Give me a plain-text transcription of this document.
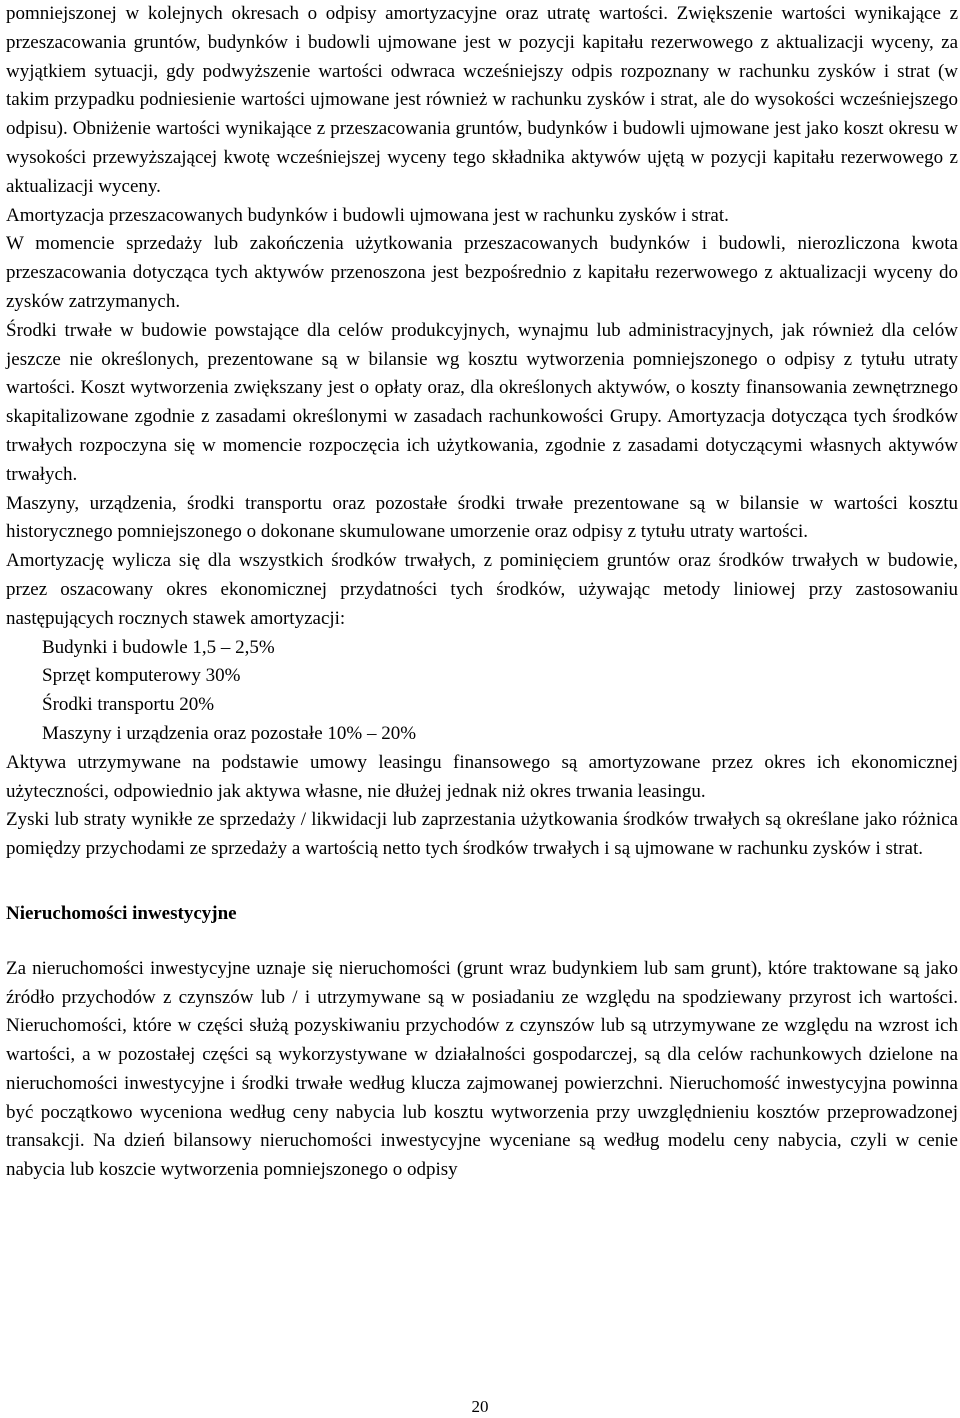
pomniejszonej w kolejnych okresach o odpisy amortyzacyjne oraz utratę wartości. Zwiększenie wartości wynikające z przeszacowania gruntów, budynków i budowli ujmowane jest w pozycji kapitału rezerwowego z aktualizacji wyceny, za wyjątkiem sytuacji, gdy podwyższenie wartości odwraca wcześniejszy odpis rozpoznany w rachunku zysków i strat (w takim przypadku podniesienie wartości ujmowane jest również w rachunku zysków i strat, ale do wysokości wcześniejszego odpisu). Obniżenie wartości wynikające z przeszacowania gruntów, budynków i budowli ujmowane jest jako koszt okresu w wysokości przewyższającej kwotę wcześniejszej wyceny tego składnika aktywów ujętą w pozycji kapitału rezerwowego z aktualizacji wyceny.

Amortyzacja przeszacowanych budynków i budowli ujmowana jest w rachunku zysków i strat.

W momencie sprzedaży lub zakończenia użytkowania przeszacowanych budynków i budowli, nierozliczona kwota przeszacowania dotycząca tych aktywów przenoszona jest bezpośrednio z kapitału rezerwowego z aktualizacji wyceny do zysków zatrzymanych.

Środki trwałe w budowie powstające dla celów produkcyjnych, wynajmu lub administracyjnych, jak również dla celów jeszcze nie określonych, prezentowane są w bilansie wg kosztu wytworzenia pomniejszonego o odpisy z tytułu utraty wartości. Koszt wytworzenia zwiększany jest o opłaty oraz, dla określonych aktywów, o koszty finansowania zewnętrznego skapitalizowane zgodnie z zasadami określonymi w zasadach rachunkowości Grupy. Amortyzacja dotycząca tych środków trwałych rozpoczyna się w momencie rozpoczęcia ich użytkowania, zgodnie z zasadami dotyczącymi własnych aktywów trwałych.

Maszyny, urządzenia, środki transportu oraz pozostałe środki trwałe prezentowane są w bilansie w wartości kosztu historycznego pomniejszonego o dokonane skumulowane umorzenie oraz odpisy z tytułu utraty wartości.

Amortyzację wylicza się dla wszystkich środków trwałych, z pominięciem gruntów oraz środków trwałych w budowie, przez oszacowany okres ekonomicznej przydatności tych środków, używając metody liniowej przy zastosowaniu następujących rocznych stawek amortyzacji:

Budynki i budowle 1,5 – 2,5%
Sprzęt komputerowy 30%
Środki transportu 20%
Maszyny i urządzenia oraz pozostałe 10% – 20%

Aktywa utrzymywane na podstawie umowy leasingu finansowego są amortyzowane przez okres ich ekonomicznej użyteczności, odpowiednio jak aktywa własne, nie dłużej jednak niż okres trwania leasingu.

Zyski lub straty wynikłe ze sprzedaży / likwidacji lub zaprzestania użytkowania środków trwałych są określane jako różnica pomiędzy przychodami ze sprzedaży a wartością netto tych środków trwałych i są ujmowane w rachunku zysków i strat.

Nieruchomości inwestycyjne

Za nieruchomości inwestycyjne uznaje się nieruchomości (grunt wraz budynkiem lub sam grunt), które traktowane są jako źródło przychodów z czynszów lub / i utrzymywane są w posiadaniu ze względu na spodziewany przyrost ich wartości. Nieruchomości, które w części służą pozyskiwaniu przychodów z czynszów lub są utrzymywane ze względu na wzrost ich wartości, a w pozostałej części są wykorzystywane w działalności gospodarczej, są dla celów rachunkowych dzielone na nieruchomości inwestycyjne i środki trwałe według klucza zajmowanej powierzchni. Nieruchomość inwestycyjna powinna być początkowo wyceniona według ceny nabycia lub kosztu wytworzenia przy uwzględnieniu kosztów przeprowadzonej transakcji. Na dzień bilansowy nieruchomości inwestycyjne wyceniane są według modelu ceny nabycia, czyli w cenie nabycia lub koszcie wytworzenia pomniejszonego o odpisy

20
